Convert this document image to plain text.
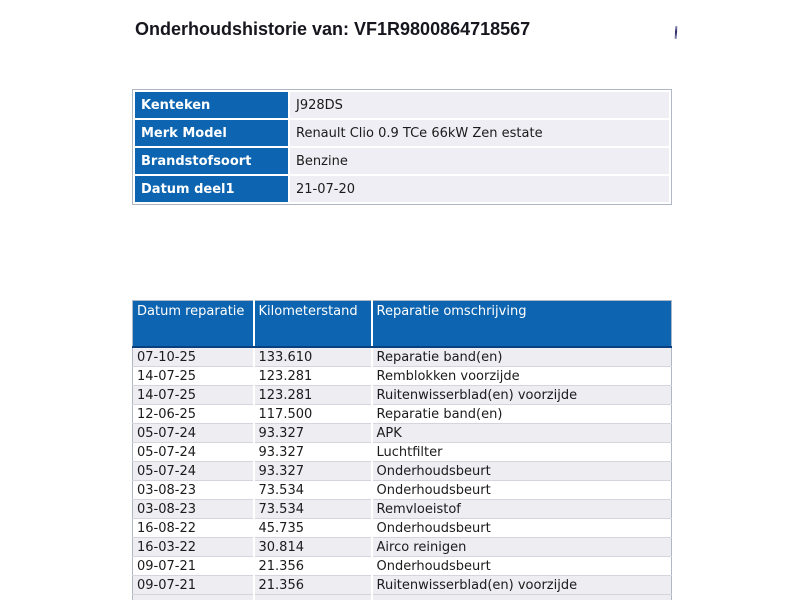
Onderhoudshistorie van: VF1R9800864718567
Kenteken	J928DS
Merk Model	Renault Clio 0.9 TCe 66kW Zen estate
Brandstofsoort	Benzine
Datum deel1	21-07-20
Datum reparatie	Kilometerstand	Reparatie omschrijving
07-10-25	133.610	Reparatie band(en)
14-07-25	123.281	Remblokken voorzijde
14-07-25	123.281	Ruitenwisserblad(en) voorzijde
12-06-25	117.500	Reparatie band(en)
05-07-24	93.327	APK
05-07-24	93.327	Luchtfilter
05-07-24	93.327	Onderhoudsbeurt
03-08-23	73.534	Onderhoudsbeurt
03-08-23	73.534	Remvloeistof
16-08-22	45.735	Onderhoudsbeurt
16-03-22	30.814	Airco reinigen
09-07-21	21.356	Onderhoudsbeurt
09-07-21	21.356	Ruitenwisserblad(en) voorzijde
